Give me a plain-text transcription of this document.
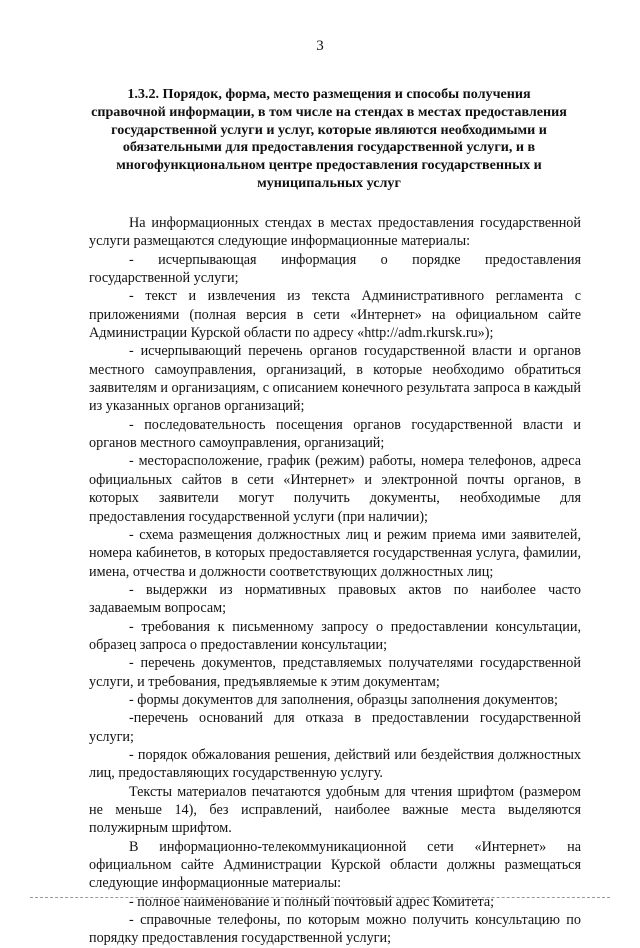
3
1.3.2. Порядок, форма, место размещения и способы получения
справочной информации, в том числе на стендах в местах предоставления
государственной услуги и услуг, которые являются необходимыми и
обязательными для предоставления государственной услуги, и в
многофункциональном центре предоставления государственных и
муниципальных услуг

На информационных стендах в местах предоставления государственной услуги размещаются следующие информационные материалы:

- исчерпывающая информация о порядке предоставления государственной услуги;

- текст и извлечения из текста Административного регламента с приложениями (полная версия в сети «Интернет» на официальном сайте Администрации Курской области по адресу «http://adm.rkursk.ru»);

- исчерпывающий перечень органов государственной власти и органов местного самоуправления, организаций, в которые необходимо обратиться заявителям и организациям, с описанием конечного результата запроса в каждый из указанных органов организаций;

- последовательность посещения органов государственной власти и органов местного самоуправления, организаций;

- месторасположение, график (режим) работы, номера телефонов, адреса официальных сайтов в сети «Интернет» и электронной почты органов, в которых заявители могут получить документы, необходимые для предоставления государственной услуги (при наличии);

- схема размещения должностных лиц и режим приема ими заявителей, номера кабинетов, в которых предоставляется государственная услуга, фамилии, имена, отчества и должности соответствующих должностных лиц;

- выдержки из нормативных правовых актов по наиболее часто задаваемым вопросам;

- требования к письменному запросу о предоставлении консультации, образец запроса о предоставлении консультации;

- перечень документов, представляемых получателями государственной услуги, и требования, предъявляемые к этим документам;

- формы документов для заполнения, образцы заполнения документов;

-перечень оснований для отказа в предоставлении государственной услуги;

- порядок обжалования решения, действий или бездействия должностных лиц, предоставляющих государственную услугу.

Тексты материалов печатаются удобным для чтения шрифтом (размером не меньше 14), без исправлений, наиболее важные места выделяются полужирным шрифтом.

В информационно-телекоммуникационной сети «Интернет» на официальном сайте Администрации Курской области должны размещаться следующие информационные материалы:

- полное наименование и полный почтовый адрес Комитета;

- справочные телефоны, по которым можно получить консультацию по порядку предоставления государственной услуги;
